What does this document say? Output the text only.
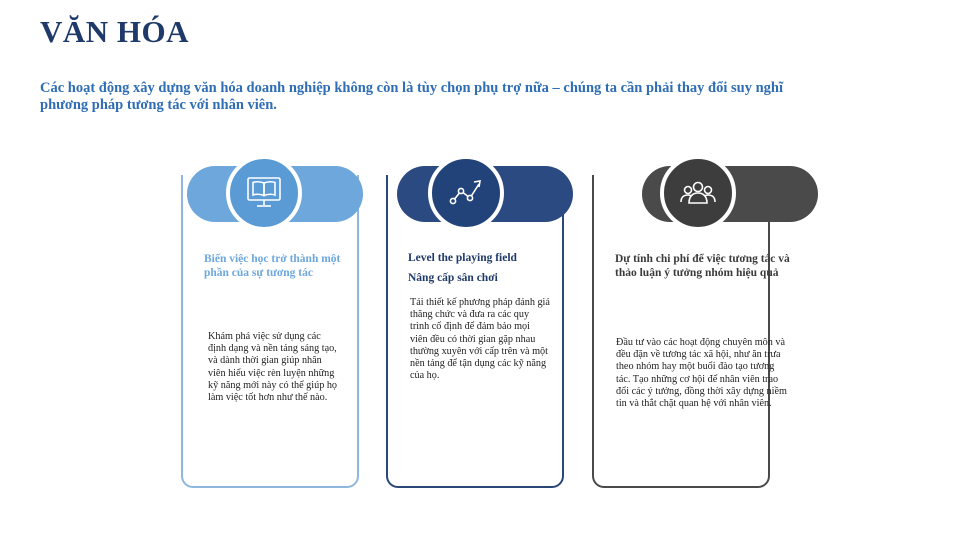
VĂN HÓA

Các hoạt động xây dựng văn hóa doanh nghiệp không còn là tùy chọn phụ trợ nữa – chúng ta cần phải thay đổi suy nghĩ phương pháp tương tác với nhân viên.

Biến việc học trở thành một phần của sự tương tác

Khám phá việc sử dụng các định dạng và nền tảng sáng tạo, và dành thời gian giúp nhân viên hiểu việc rèn luyện những kỹ năng mới này có thể giúp họ làm việc tốt hơn như thế nào.

Level the playing field

Nâng cấp sân chơi

Tái thiết kế phương pháp đánh giá thăng chức và đưa ra các quy trình cố định để đảm bảo mọi viên đều có thời gian gặp nhau thường xuyên với cấp trên và một nền tảng để tận dụng các kỹ năng của họ.

Dự tính chi phí để việc tương tác và thảo luận ý tưởng nhóm hiệu quả

Đầu tư vào các hoạt động chuyên môn và đều đặn về tương tác xã hội, như ăn trưa theo nhóm hay một buổi đào tạo tương tác. Tạo những cơ hội để nhân viên trao đổi các ý tưởng, đồng thời xây dựng niềm tin và thắt chặt quan hệ với nhân viên.
